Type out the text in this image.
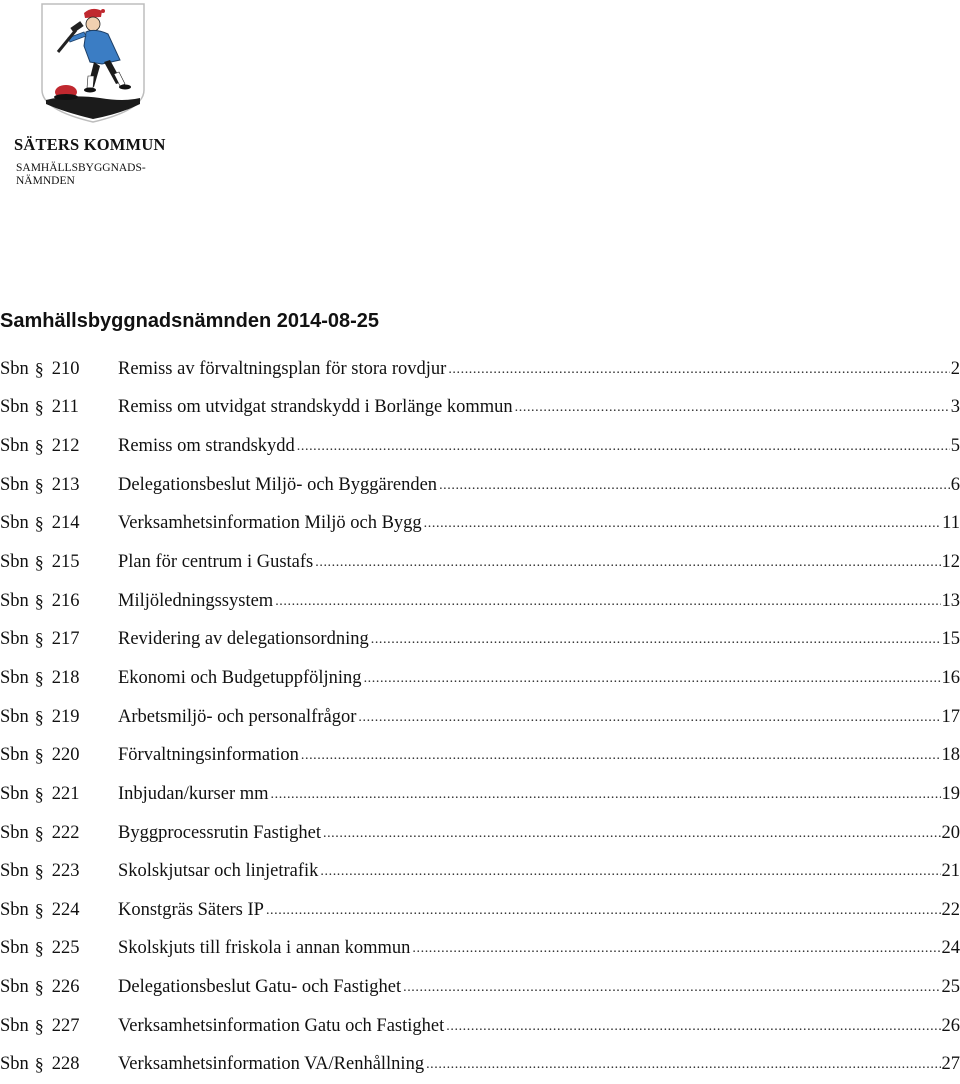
SÄTERS KOMMUN
SAMHÄLLSBYGGNADS-
NÄMNDEN
Samhällsbyggnadsnämnden 2014-08-25
Sbn § 210 Remiss av förvaltningsplan för stora rovdjur .....	2
Sbn § 211 Remiss om utvidgat strandskydd i Borlänge kommun .....	3
Sbn § 212 Remiss om strandskydd .....	5
Sbn § 213 Delegationsbeslut Miljö- och Byggärenden .....	6
Sbn § 214 Verksamhetsinformation Miljö och Bygg .....	11
Sbn § 215 Plan för centrum i Gustafs .....	12
Sbn § 216 Miljöledningssystem .....	13
Sbn § 217 Revidering av delegationsordning .....	15
Sbn § 218 Ekonomi och Budgetuppföljning .....	16
Sbn § 219 Arbetsmiljö- och personalfrågor .....	17
Sbn § 220 Förvaltningsinformation .....	18
Sbn § 221 Inbjudan/kurser mm .....	19
Sbn § 222 Byggprocessrutin Fastighet .....	20
Sbn § 223 Skolskjutsar och linjetrafik .....	21
Sbn § 224 Konstgräs Säters IP .....	22
Sbn § 225 Skolskjuts till friskola i annan kommun .....	24
Sbn § 226 Delegationsbeslut Gatu- och Fastighet .....	25
Sbn § 227 Verksamhetsinformation Gatu och Fastighet .....	26
Sbn § 228 Verksamhetsinformation VA/Renhållning .....	27
